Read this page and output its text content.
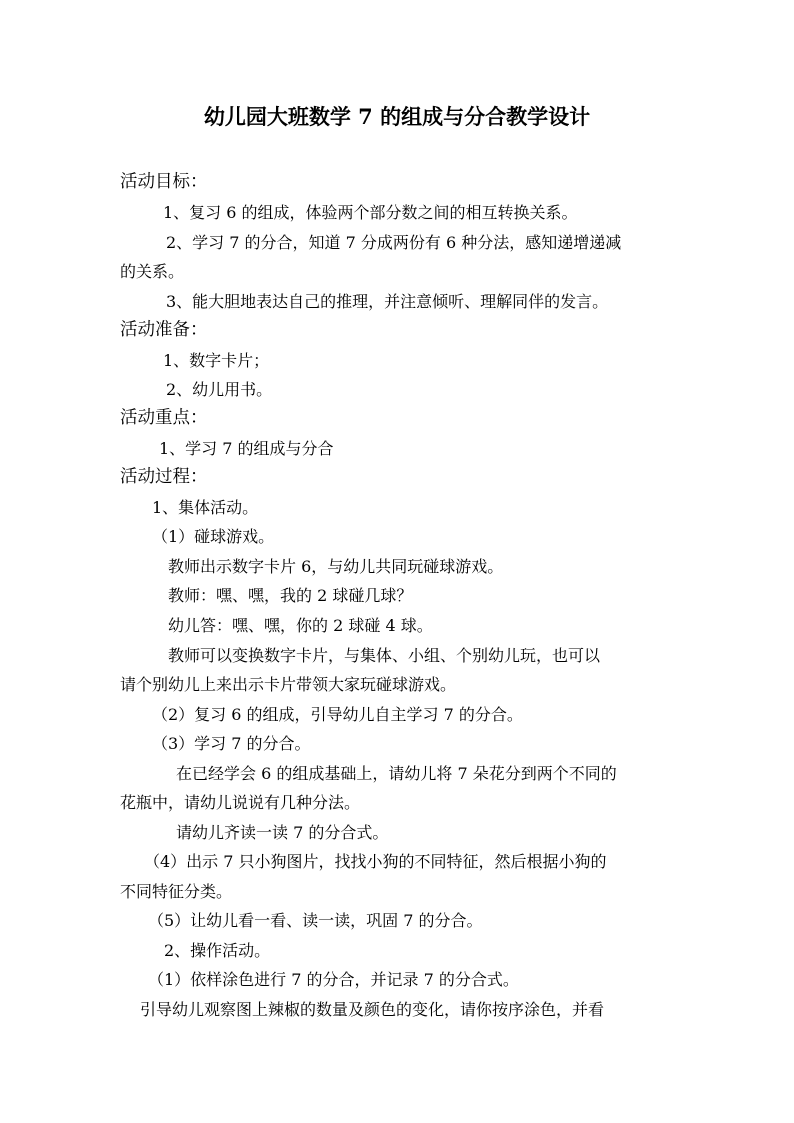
幼儿园大班数学 7 的组成与分合教学设计
活动目标：
1、复习 6 的组成，体验两个部分数之间的相互转换关系。
2、学习 7 的分合，知道 7 分成两份有 6 种分法，感知递增递减
的关系。
3、能大胆地表达自己的推理，并注意倾听、理解同伴的发言。
活动准备：
1、数字卡片；
2、幼儿用书。
活动重点：
1、学习 7 的组成与分合
活动过程：
1、集体活动。
（1）碰球游戏。
教师出示数字卡片 6，与幼儿共同玩碰球游戏。
教师：嘿、嘿，我的 2 球碰几球？
幼儿答：嘿、嘿，你的 2 球碰 4 球。
教师可以变换数字卡片，与集体、小组、个别幼儿玩，也可以
请个别幼儿上来出示卡片带领大家玩碰球游戏。
（2）复习 6 的组成，引导幼儿自主学习 7 的分合。
（3）学习 7 的分合。
在已经学会 6 的组成基础上，请幼儿将 7 朵花分到两个不同的
花瓶中，请幼儿说说有几种分法。
请幼儿齐读一读 7 的分合式。
（4）出示 7 只小狗图片，找找小狗的不同特征，然后根据小狗的
不同特征分类。
（5）让幼儿看一看、读一读，巩固 7 的分合。
2、操作活动。
（1）依样涂色进行 7 的分合，并记录 7 的分合式。
引导幼儿观察图上辣椒的数量及颜色的变化，请你按序涂色，并看
